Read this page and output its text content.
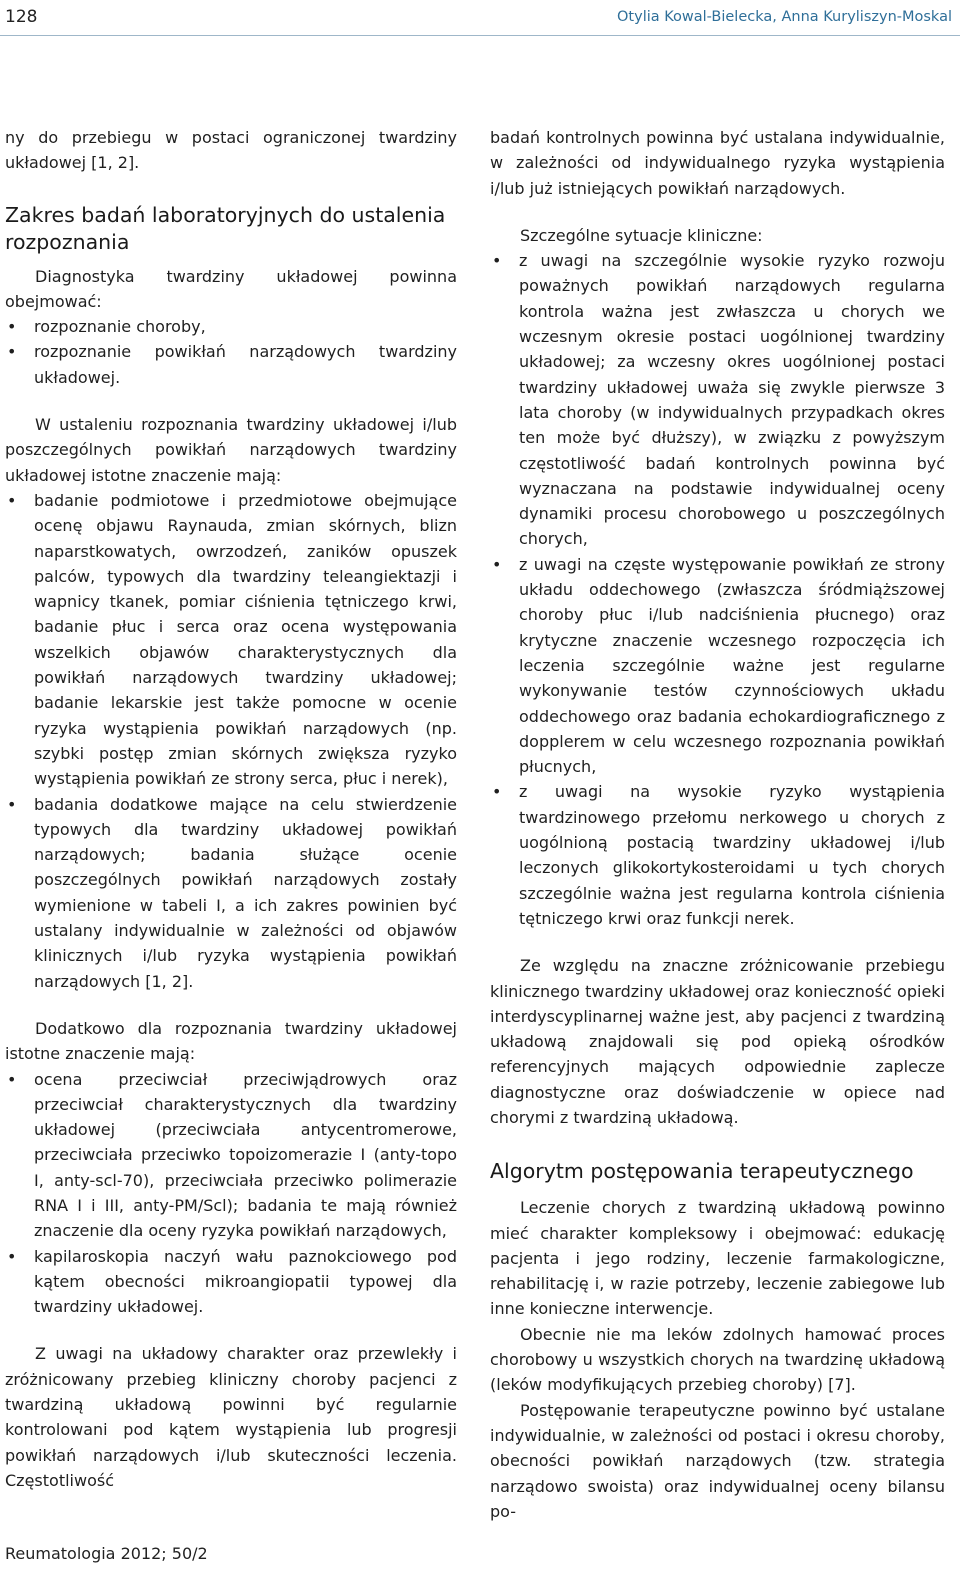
128	Otylia Kowal-Bielecka, Anna Kuryliszyn-Moskal

ny do przebiegu w postaci ograniczonej twardziny układowej [1, 2].

Zakres badań laboratoryjnych do ustalenia rozpoznania

Diagnostyka twardziny układowej powinna obejmować:

• rozpoznanie choroby,
• rozpoznanie powikłań narządowych twardziny układowej.

W ustaleniu rozpoznania twardziny układowej i/lub poszczególnych powikłań narządowych twardziny układowej istotne znaczenie mają:

• badanie podmiotowe i przedmiotowe obejmujące ocenę objawu Raynauda, zmian skórnych, blizn naparstkowatych, owrzodzeń, zaników opuszek palców, typowych dla twardziny teleangiektazji i wapnicy tkanek, pomiar ciśnienia tętniczego krwi, badanie płuc i serca oraz ocena występowania wszelkich objawów charakterystycznych dla powikłań narządowych twardziny układowej; badanie lekarskie jest także pomocne w ocenie ryzyka wystąpienia powikłań narządowych (np. szybki postęp zmian skórnych zwiększa ryzyko wystąpienia powikłań ze strony serca, płuc i nerek),
• badania dodatkowe mające na celu stwierdzenie typowych dla twardziny układowej powikłań narządowych; badania służące ocenie poszczególnych powikłań narządowych zostały wymienione w tabeli I, a ich zakres powinien być ustalany indywidualnie w zależności od objawów klinicznych i/lub ryzyka wystąpienia powikłań narządowych [1, 2].

Dodatkowo dla rozpoznania twardziny układowej istotne znaczenie mają:

• ocena przeciwciał przeciwjądrowych oraz przeciwciał charakterystycznych dla twardziny układowej (przeciwciała antycentromerowe, przeciwciała przeciwko topoizomerazie I (anty-topo I, anty-scl-70), przeciwciała przeciwko polimerazie RNA I i III, anty-PM/Scl); badania te mają również znaczenie dla oceny ryzyka powikłań narządowych,
• kapilaroskopia naczyń wału paznokciowego pod kątem obecności mikroangiopatii typowej dla twardziny układowej.

Z uwagi na układowy charakter oraz przewlekły i zróżnicowany przebieg kliniczny choroby pacjenci z twardziną układową powinni być regularnie kontrolowani pod kątem wystąpienia lub progresji powikłań narządowych i/lub skuteczności leczenia. Częstotliwość

badań kontrolnych powinna być ustalana indywidualnie, w zależności od indywidualnego ryzyka wystąpienia i/lub już istniejących powikłań narządowych.

Szczególne sytuacje kliniczne:

• z uwagi na szczególnie wysokie ryzyko rozwoju poważnych powikłań narządowych regularna kontrola ważna jest zwłaszcza u chorych we wczesnym okresie postaci uogólnionej twardziny układowej; za wczesny okres uogólnionej postaci twardziny układowej uważa się zwykle pierwsze 3 lata choroby (w indywidualnych przypadkach okres ten może być dłuższy), w związku z powyższym częstotliwość badań kontrolnych powinna być wyznaczana na podstawie indywidualnej oceny dynamiki procesu chorobowego u poszczególnych chorych,
• z uwagi na częste występowanie powikłań ze strony układu oddechowego (zwłaszcza śródmiąższowej choroby płuc i/lub nadciśnienia płucnego) oraz krytyczne znaczenie wczesnego rozpoczęcia ich leczenia szczególnie ważne jest regularne wykonywanie testów czynnościowych układu oddechowego oraz badania echokardiograficznego z dopplerem w celu wczesnego rozpoznania powikłań płucnych,
• z uwagi na wysokie ryzyko wystąpienia twardzinowego przełomu nerkowego u chorych z uogólnioną postacią twardziny układowej i/lub leczonych glikokortykosteroidami u tych chorych szczególnie ważna jest regularna kontrola ciśnienia tętniczego krwi oraz funkcji nerek.

Ze względu na znaczne zróżnicowanie przebiegu klinicznego twardziny układowej oraz konieczność opieki interdyscyplinarnej ważne jest, aby pacjenci z twardziną układową znajdowali się pod opieką ośrodków referencyjnych mających odpowiednie zaplecze diagnostyczne oraz doświadczenie w opiece nad chorymi z twardziną układową.

Algorytm postępowania terapeutycznego

Leczenie chorych z twardziną układową powinno mieć charakter kompleksowy i obejmować: edukację pacjenta i jego rodziny, leczenie farmakologiczne, rehabilitację i, w razie potrzeby, leczenie zabiegowe lub inne konieczne interwencje.

Obecnie nie ma leków zdolnych hamować proces chorobowy u wszystkich chorych na twardzinę układową (leków modyfikujących przebieg choroby) [7].

Postępowanie terapeutyczne powinno być ustalane indywidualnie, w zależności od postaci i okresu choroby, obecności powikłań narządowych (tzw. strategia narządowo swoista) oraz indywidualnej oceny bilansu po-

Reumatologia 2012; 50/2
